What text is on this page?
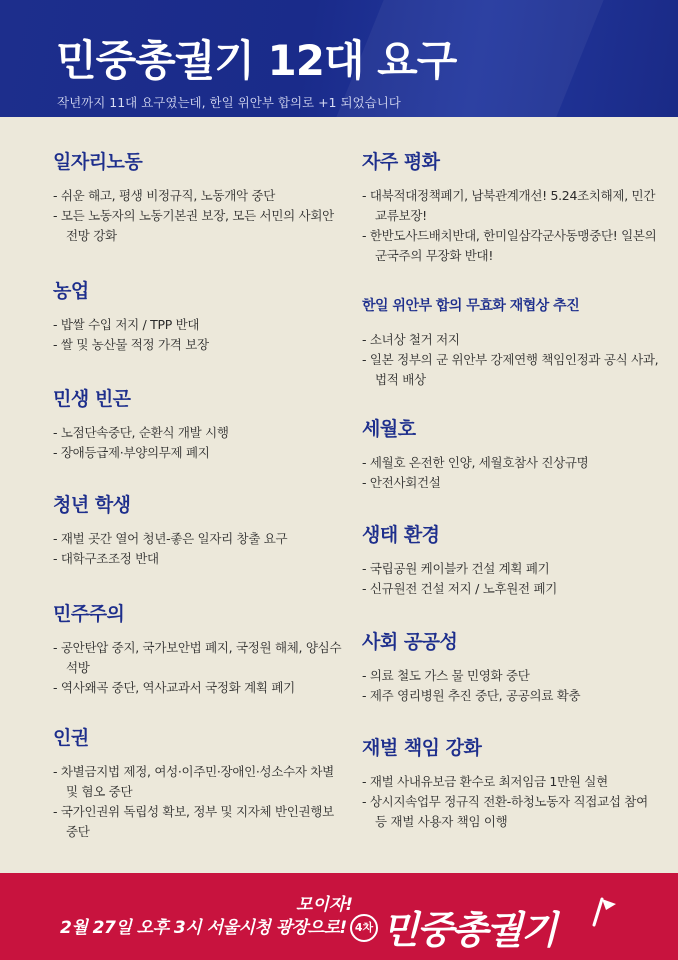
민중총궐기 12대 요구
작년까지 11대 요구였는데, 한일 위안부 합의로 +1 되었습니다
일자리노동
- 쉬운 해고, 평생 비정규직, 노동개악 중단
- 모든 노동자의 노동기본권 보장, 모든 서민의 사회안전망 강화
농업
- 밥쌀 수입 저지 / TPP 반대
- 쌀 및 농산물 적정 가격 보장
민생 빈곤
- 노점단속중단, 순환식 개발 시행
- 장애등급제·부양의무제 폐지
청년 학생
- 재벌 곳간 열어 청년-좋은 일자리 창출 요구
- 대학구조조정 반대
민주주의
- 공안탄압 중지, 국가보안법 폐지, 국정원 해체, 양심수 석방
- 역사왜곡 중단, 역사교과서 국정화 계획 폐기
인권
- 차별금지법 제정, 여성·이주민·장애인·성소수자 차별 및 혐오 중단
- 국가인권위 독립성 확보, 정부 및 지자체 반인권행보 중단
자주 평화
- 대북적대정책폐기, 남북관계개선! 5.24조치해제, 민간교류보장!
- 한반도사드배치반대, 한미일삼각군사동맹중단! 일본의 군국주의 무장화 반대!
한일 위안부 합의 무효화 재협상 추진
- 소녀상 철거 저지
- 일본 정부의 군 위안부 강제연행 책임인정과 공식 사과, 법적 배상
세월호
- 세월호 온전한 인양, 세월호참사 진상규명
- 안전사회건설
생태 환경
- 국립공원 케이블카 건설 계획 폐기
- 신규원전 건설 저지 / 노후원전 폐기
사회 공공성
- 의료 철도 가스 물 민영화 중단
- 제주 영리병원 추진 중단, 공공의료 확충
재벌 책임 강화
- 재벌 사내유보금 환수로 최저임금 1만원 실현
- 상시지속업무 정규직 전환-하청노동자 직접교섭 참여 등 재벌 사용자 책임 이행
모이자!
2월 27일 오후 3시 서울시청 광장으로! 4차 민중총궐기
